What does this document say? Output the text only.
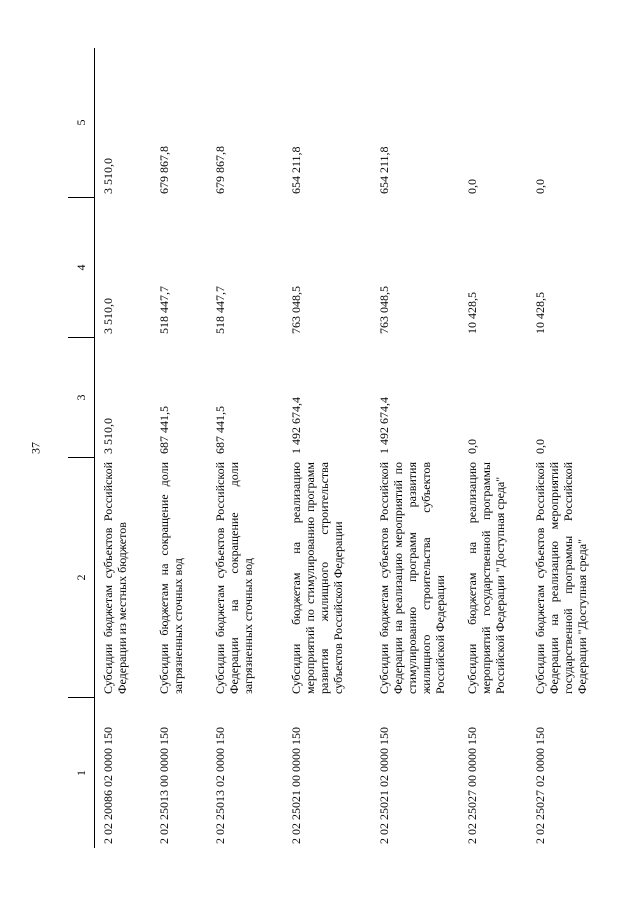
37
1
2
3
4
5
2 02 20086 02 0000 150
Субсидии бюджетам субъектов Российской Федерации из местных бюджетов
3 510,0
3 510,0
3 510,0
2 02 25013 00 0000 150
Субсидии бюджетам на сокращение доли загрязненных сточных вод
687 441,5
518 447,7
679 867,8
2 02 25013 02 0000 150
Субсидии бюджетам субъектов Российской Федерации на сокращение доли загрязненных сточных вод
687 441,5
518 447,7
679 867,8
2 02 25021 00 0000 150
Субсидии бюджетам на реализацию мероприятий по стимулированию программ развития жилищного строительства субъектов Российской Федерации
1 492 674,4
763 048,5
654 211,8
2 02 25021 02 0000 150
Субсидии бюджетам субъектов Российской Федерации на реализацию мероприятий по стимулированию программ развития жилищного строительства субъектов Российской Федерации
1 492 674,4
763 048,5
654 211,8
2 02 25027 00 0000 150
Субсидии бюджетам на реализацию мероприятий государственной программы Российской Федерации "Доступная среда"
0,0
10 428,5
0,0
2 02 25027 02 0000 150
Субсидии бюджетам субъектов Российской Федерации на реализацию мероприятий государственной программы Российской Федерации "Доступная среда"
0,0
10 428,5
0,0
